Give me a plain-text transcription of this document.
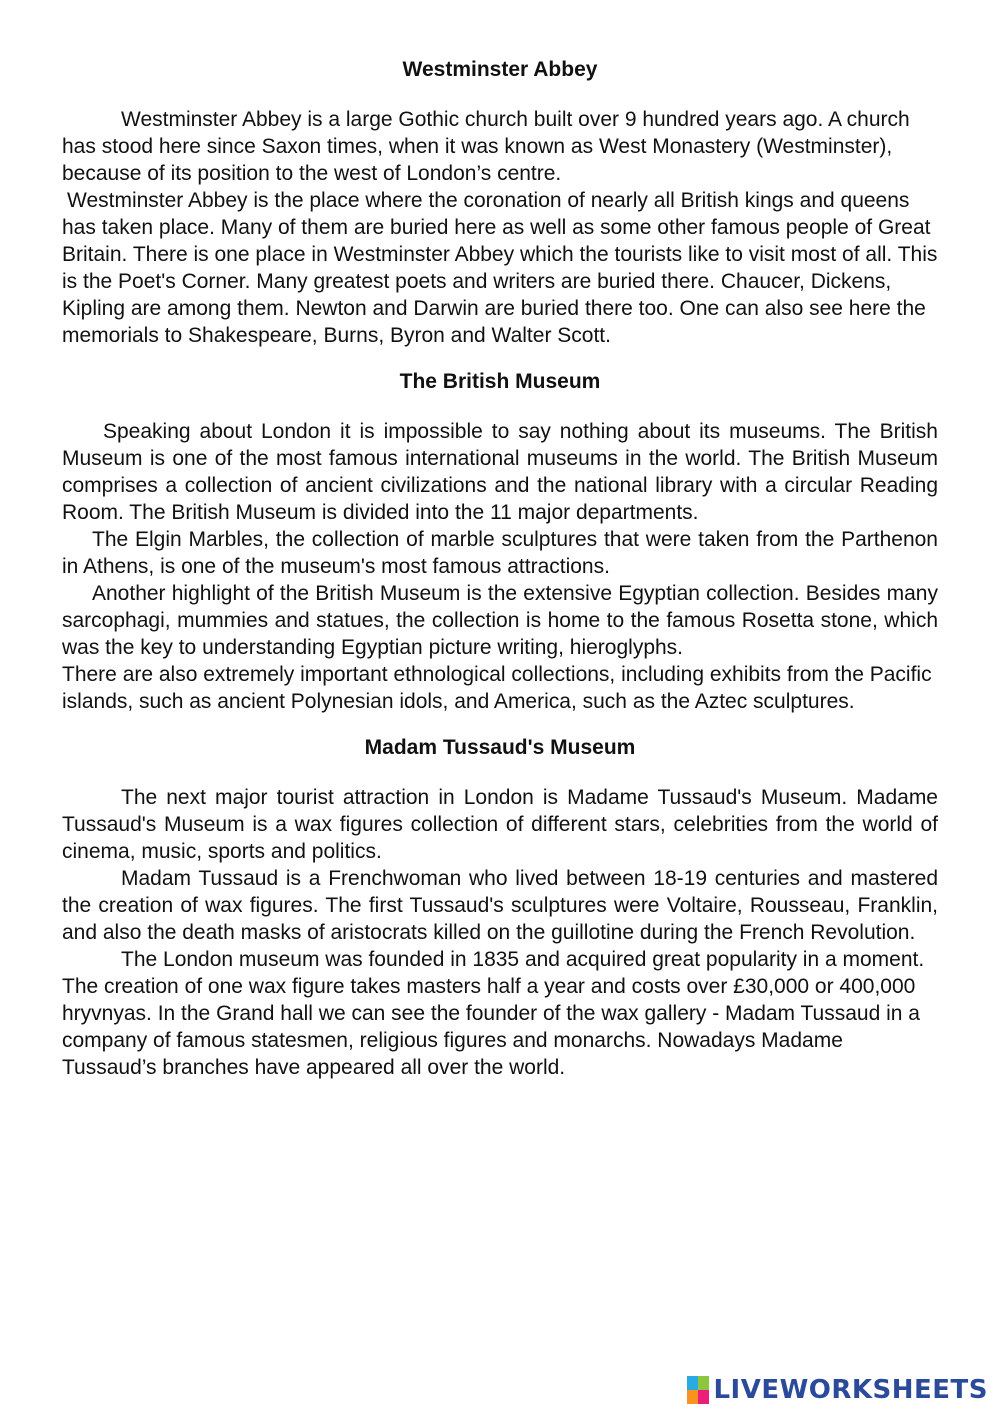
Westminster Abbey

Westminster Abbey is a large Gothic church built over 9 hundred years ago. A church has stood here since Saxon times, when it was known as West Monastery (Westminster), because of its position to the west of London’s centre.

Westminster Abbey is the place where the coronation of nearly all British kings and queens has taken place. Many of them are buried here as well as some other famous people of Great Britain. There is one place in Westminster Abbey which the tourists like to visit most of all. This is the Poet's Corner. Many greatest poets and writers are buried there. Chaucer, Dickens, Kipling are among them. Newton and Darwin are buried there too. One can also see here the memorials to Shakespeare, Burns, Byron and Walter Scott.

The British Museum

Speaking about London it is impossible to say nothing about its museums. The British Museum is one of the most famous international museums in the world. The British Museum comprises a collection of ancient civilizations and the national library with a circular Reading Room. The British Museum is divided into the 11 major departments.

The Elgin Marbles, the collection of marble sculptures that were taken from the Parthenon in Athens, is one of the museum's most famous attractions.

Another highlight of the British Museum is the extensive Egyptian collection. Besides many sarcophagi, mummies and statues, the collection is home to the famous Rosetta stone, which was the key to understanding Egyptian picture writing, hieroglyphs.

There are also extremely important ethnological collections, including exhibits from the Pacific islands, such as ancient Polynesian idols, and America, such as the Aztec sculptures.

Madam Tussaud's Museum

The next major tourist attraction in London is Madame Tussaud's Museum. Madame Tussaud's Museum is a wax figures collection of different stars, celebrities from the world of cinema, music, sports and politics.

Madam Tussaud is a Frenchwoman who lived between 18-19 centuries and mastered the creation of wax figures. The first Tussaud's sculptures were Voltaire, Rousseau, Franklin, and also the death masks of aristocrats killed on the guillotine during the French Revolution.

The London museum was founded in 1835 and acquired great popularity in a moment. The creation of one wax figure takes masters half a year and costs over £30,000 or 400,000 hryvnyas. In the Grand hall we can see the founder of the wax gallery - Madam Tussaud in a company of famous statesmen, religious figures and monarchs. Nowadays Madame Tussaud’s branches have appeared all over the world.

LIVEWORKSHEETS
